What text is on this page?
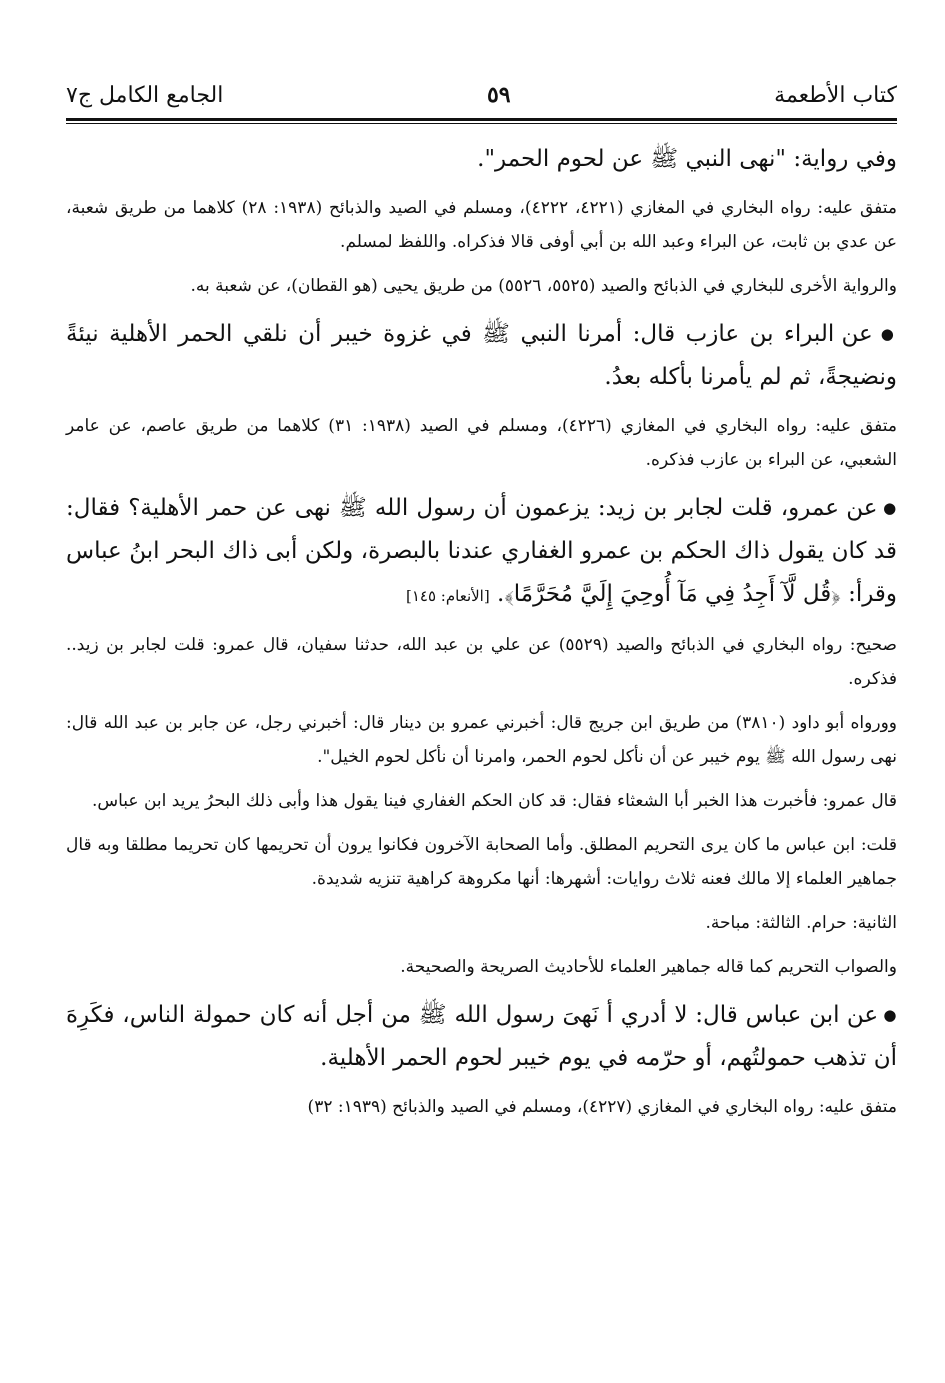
كتاب الأطعمة
٥٩
الجامع الكامل ج٧

وفي رواية: "نهى النبي ﷺ عن لحوم الحمر".

متفق عليه: رواه البخاري في المغازي (٤٢٢١، ٤٢٢٢)، ومسلم في الصيد والذبائح (١٩٣٨: ٢٨) كلاهما من طريق شعبة، عن عدي بن ثابت، عن البراء وعبد الله بن أبي أوفى قالا فذكراه. واللفظ لمسلم.

والرواية الأخرى للبخاري في الذبائح والصيد (٥٥٢٥، ٥٥٢٦) من طريق يحيى (هو القطان)، عن شعبة به.

● عن البراء بن عازب قال: أمرنا النبي ﷺ في غزوة خيبر أن نلقي الحمر الأهلية نيئةً ونضيجةً، ثم لم يأمرنا بأكله بعدُ.

متفق عليه: رواه البخاري في المغازي (٤٢٢٦)، ومسلم في الصيد (١٩٣٨: ٣١) كلاهما من طريق عاصم، عن عامر الشعبي، عن البراء بن عازب فذكره.

● عن عمرو، قلت لجابر بن زيد: يزعمون أن رسول الله ﷺ نهى عن حمر الأهلية؟ فقال: قد كان يقول ذاك الحكم بن عمرو الغفاري عندنا بالبصرة، ولكن أبى ذاك البحر ابنُ عباس وقرأ: ﴿قُل لَّآ أَجِدُ فِي مَآ أُوحِيَ إِلَيَّ مُحَرَّمًا﴾. [الأنعام: ١٤٥]

صحيح: رواه البخاري في الذبائح والصيد (٥٥٢٩) عن علي بن عبد الله، حدثنا سفيان، قال عمرو: قلت لجابر بن زيد.. فذكره.

وورواه أبو داود (٣٨١٠) من طريق ابن جريج قال: أخبرني عمرو بن دينار قال: أخبرني رجل، عن جابر بن عبد الله قال: نهى رسول الله ﷺ يوم خيبر عن أن نأكل لحوم الحمر، وامرنا أن نأكل لحوم الخيل".

قال عمرو: فأخبرت هذا الخبر أبا الشعثاء فقال: قد كان الحكم الغفاري فينا يقول هذا وأبى ذلك البحرُ يريد ابن عباس.

قلت: ابن عباس ما كان يرى التحريم المطلق. وأما الصحابة الآخرون فكانوا يرون أن تحريمها كان تحريما مطلقا وبه قال جماهير العلماء إلا مالك فعنه ثلاث روايات: أشهرها: أنها مكروهة كراهية تنزيه شديدة.

الثانية: حرام. الثالثة: مباحة.

والصواب التحريم كما قاله جماهير العلماء للأحاديث الصريحة والصحيحة.

● عن ابن عباس قال: لا أدري أ نَهىَ رسول الله ﷺ من أجل أنه كان حمولة الناس، فكَرِهَ أن تذهب حمولتُهم، أو حرّمه في يوم خيبر لحوم الحمر الأهلية.

متفق عليه: رواه البخاري في المغازي (٤٢٢٧)، ومسلم في الصيد والذبائح (١٩٣٩: ٣٢)
